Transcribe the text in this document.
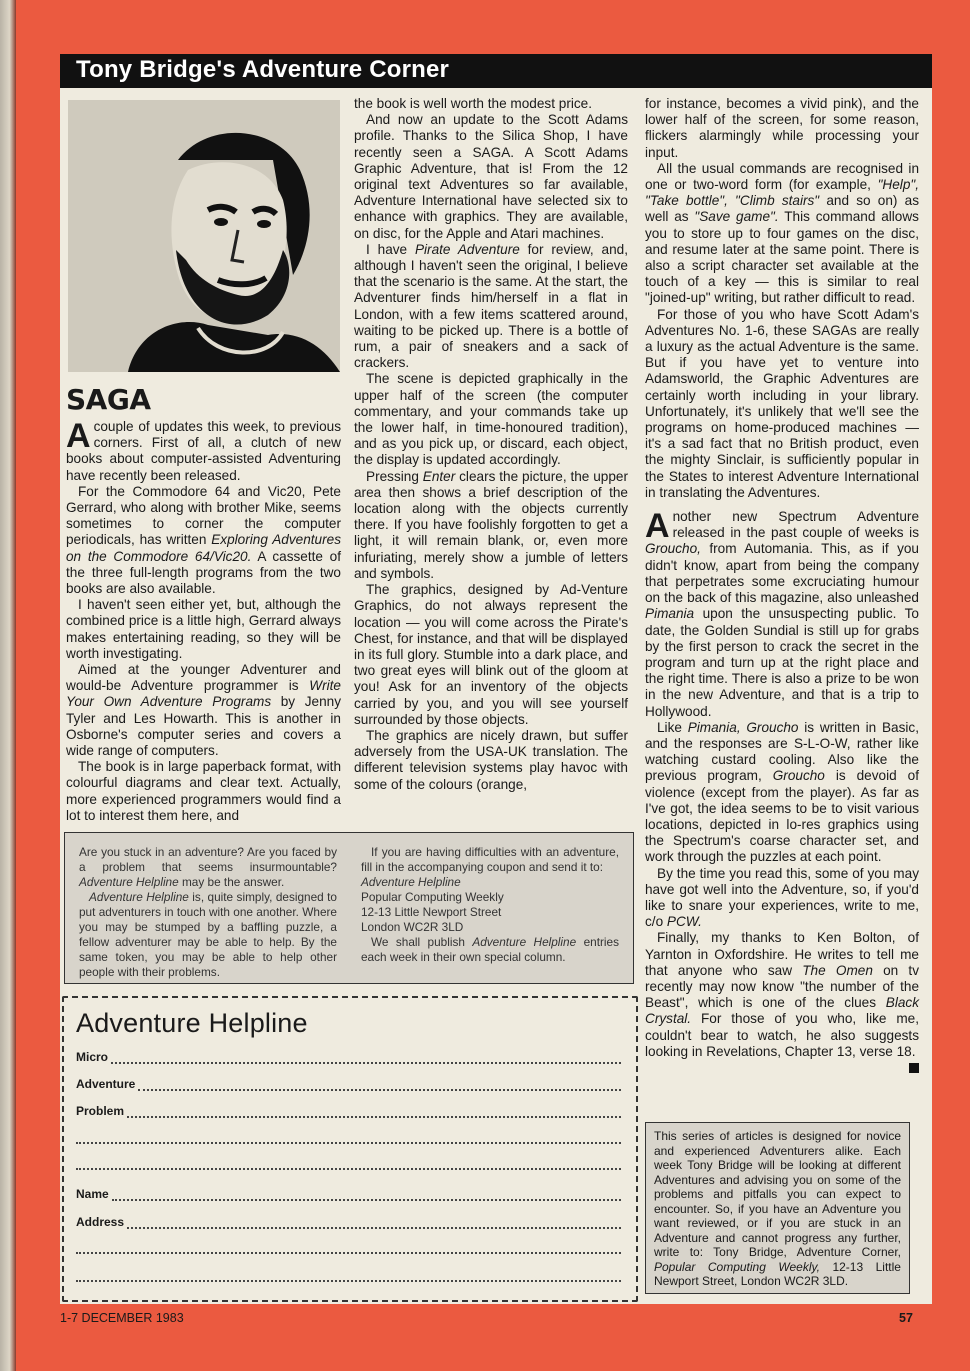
Tony Bridge's Adventure Corner
SAGA

Acouple of updates this week, to previous corners. First of all, a clutch of new books about computer-assisted Adventuring have recently been released.

For the Commodore 64 and Vic20, Pete Gerrard, who along with brother Mike, seems sometimes to corner the computer periodicals, has written Exploring Adventures on the Commodore 64/Vic20. A cassette of the three full-length programs from the two books are also available.

I haven't seen either yet, but, although the combined price is a little high, Gerrard always makes entertaining reading, so they will be worth investigating.

Aimed at the younger Adventurer and would-be Adventure programmer is Write Your Own Adventure Programs by Jenny Tyler and Les Howarth. This is another in Osborne's computer series and covers a wide range of computers.

The book is in large paperback format, with colourful diagrams and clear text. Actually, more experienced programmers would find a lot to interest them here, and

the book is well worth the modest price.

And now an update to the Scott Adams profile. Thanks to the Silica Shop, I have recently seen a SAGA. A Scott Adams Graphic Adventure, that is! From the 12 original text Adventures so far available, Adventure International have selected six to enhance with graphics. They are available, on disc, for the Apple and Atari machines.

I have Pirate Adventure for review, and, although I haven't seen the original, I believe that the scenario is the same. At the start, the Adventurer finds him/herself in a flat in London, with a few items scattered around, waiting to be picked up. There is a bottle of rum, a pair of sneakers and a sack of crackers.

The scene is depicted graphically in the upper half of the screen (the computer commentary, and your commands take up the lower half, in time-honoured tradition), and as you pick up, or discard, each object, the display is updated accordingly.

Pressing Enter clears the picture, the upper area then shows a brief description of the location along with the objects currently there. If you have foolishly forgotten to get a light, it will remain blank, or, even more infuriating, merely show a jumble of letters and symbols.

The graphics, designed by Ad-Venture Graphics, do not always represent the location — you will come across the Pirate's Chest, for instance, and that will be displayed in its full glory. Stumble into a dark place, and two great eyes will blink out of the gloom at you! Ask for an inventory of the objects carried by you, and you will see yourself surrounded by those objects.

The graphics are nicely drawn, but suffer adversely from the USA-UK translation. The different television systems play havoc with some of the colours (orange,

for instance, becomes a vivid pink), and the lower half of the screen, for some reason, flickers alarmingly while processing your input.

All the usual commands are recognised in one or two-word form (for example, "Help", "Take bottle", "Climb stairs" and so on) as well as "Save game". This command allows you to store up to four games on the disc, and resume later at the same point. There is also a script character set available at the touch of a key — this is similar to real "joined-up" writing, but rather difficult to read.

For those of you who have Scott Adam's Adventures No. 1-6, these SAGAs are really a luxury as the actual Adventure is the same. But if you have yet to venture into Adamsworld, the Graphic Adventures are certainly worth including in your library. Unfortunately, it's unlikely that we'll see the programs on home-produced machines — it's a sad fact that no British product, even the mighty Sinclair, is sufficiently popular in the States to interest Adventure International in translating the Adventures.

Another new Spectrum Adventure released in the past couple of weeks is Groucho, from Automania. This, as if you didn't know, apart from being the company that perpetrates some excruciating humour on the back of this magazine, also unleashed Pimania upon the unsuspecting public. To date, the Golden Sundial is still up for grabs by the first person to crack the secret in the program and turn up at the right place and the right time. There is also a prize to be won in the new Adventure, and that is a trip to Hollywood.

Like Pimania, Groucho is written in Basic, and the responses are S-L-O-W, rather like watching custard cooling. Also like the previous program, Groucho is devoid of violence (except from the player). As far as I've got, the idea seems to be to visit various locations, depicted in lo-res graphics using the Spectrum's coarse character set, and work through the puzzles at each point.

By the time you read this, some of you may have got well into the Adventure, so, if you'd like to snare your experiences, write to me, c/o PCW.

Finally, my thanks to Ken Bolton, of Yarnton in Oxfordshire. He writes to tell me that anyone who saw The Omen on tv recently may now know "the number of the Beast", which is one of the clues Black Crystal. For those of you who, like me, couldn't bear to watch, he also suggests looking in Revelations, Chapter 13, verse 18.

Are you stuck in an adventure? Are you faced by a problem that seems insurmountable? Adventure Helpline may be the answer.

Adventure Helpline is, quite simply, designed to put adventurers in touch with one another. Where you may be stumped by a baffling puzzle, a fellow adventurer may be able to help. By the same token, you may be able to help other people with their problems.

If you are having difficulties with an adventure, fill in the accompanying coupon and send it to:

Adventure Helpline
Popular Computing Weekly
12-13 Little Newport Street
London WC2R 3LD

We shall publish Adventure Helpline entries each week in their own special column.

Adventure Helpline
Micro
Adventure
Problem
Name
Address
This series of articles is designed for novice and experienced Adventurers alike. Each week Tony Bridge will be looking at different Adventures and advising you on some of the problems and pitfalls you can expect to encounter. So, if you have an Adventure you want reviewed, or if you are stuck in an Adventure and cannot progress any further, write to: Tony Bridge, Adventure Corner, Popular Computing Weekly, 12-13 Little Newport Street, London WC2R 3LD.
1-7 DECEMBER 1983	57
